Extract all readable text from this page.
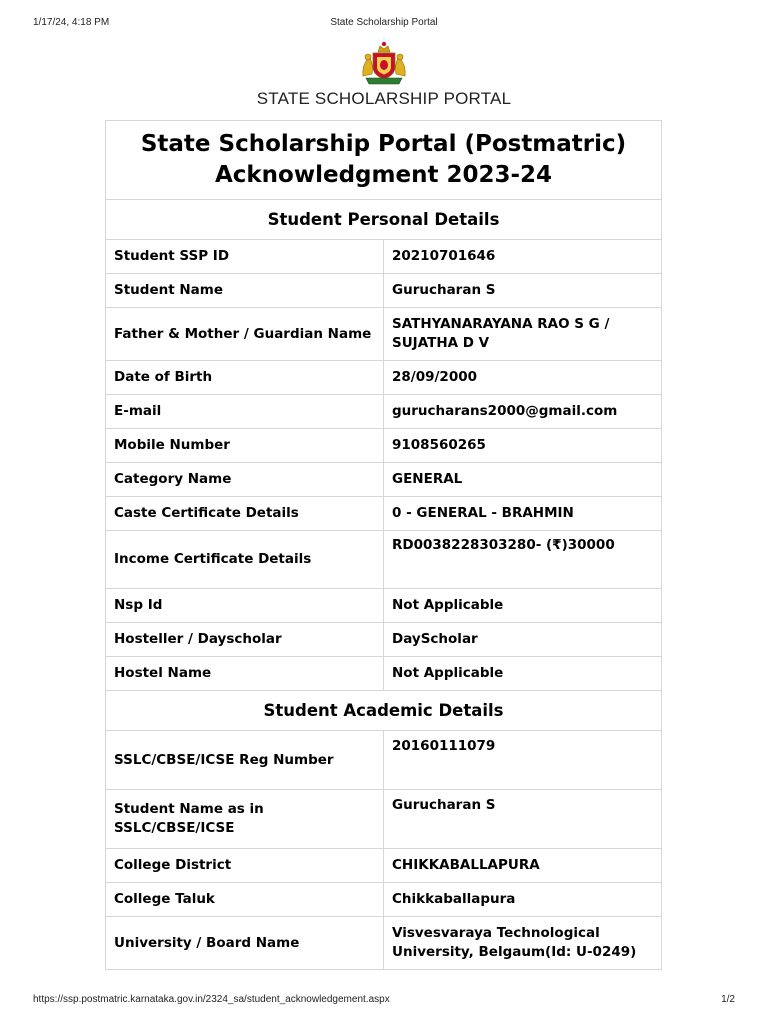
1/17/24, 4:18 PM	State Scholarship Portal
STATE SCHOLARSHIP PORTAL
State Scholarship Portal (Postmatric)
Acknowledgment 2023-24	

Student Personal Details	
Student SSP ID	20210701646
Student Name	Gurucharan S
Father & Mother / Guardian Name	SATHYANARAYANA RAO S G / SUJATHA D V
Date of Birth	28/09/2000
E-mail	gurucharans2000@gmail.com
Mobile Number	9108560265
Category Name	GENERAL
Caste Certificate Details	0 - GENERAL - BRAHMIN
Income Certificate Details	RD0038228303280- (₹)30000
Nsp Id	Not Applicable
Hosteller / Dayscholar	DayScholar
Hostel Name	Not Applicable
Student Academic Details	
SSLC/CBSE/ICSE Reg Number	20160111079
Student Name as in SSLC/CBSE/ICSE	Gurucharan S
College District	CHIKKABALLAPURA
College Taluk	Chikkaballapura
University / Board Name	Visvesvaraya Technological University, Belgaum(Id: U-0249)
https://ssp.postmatric.karnataka.gov.in/2324_sa/student_acknowledgement.aspx	1/2
